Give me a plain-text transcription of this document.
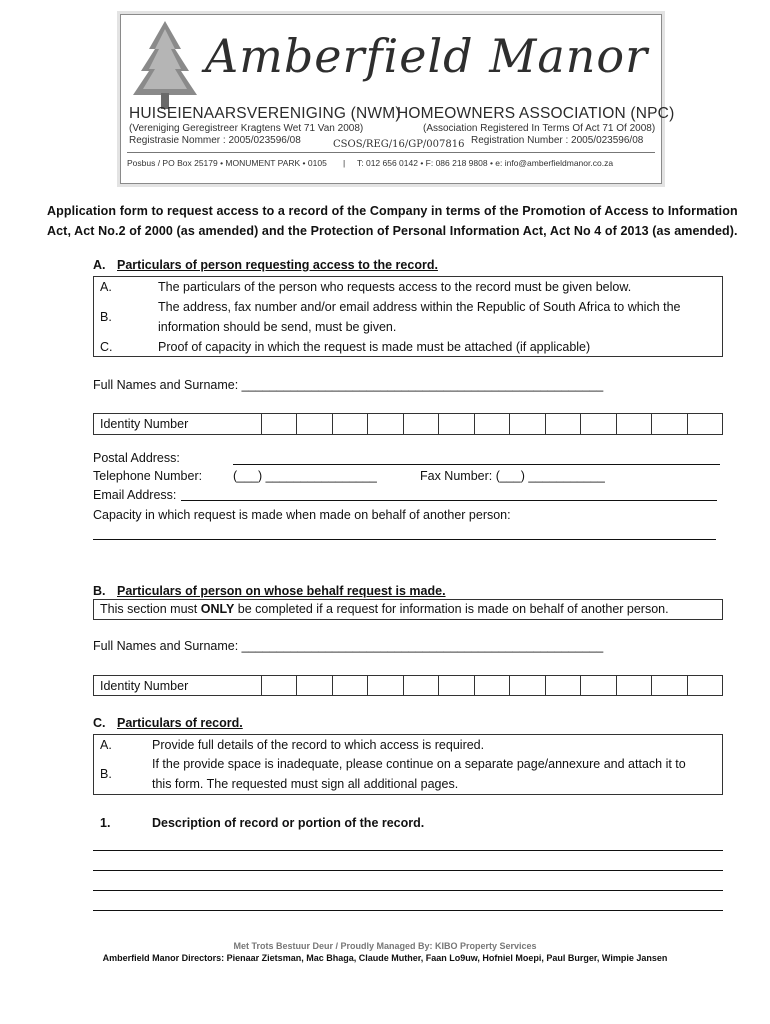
Amberfield Manor
HUISEIENAARSVERENIGING (NWM)
HOMEOWNERS ASSOCIATION (NPC)
(Vereniging Geregistreer Kragtens Wet 71 Van 2008)
Registrasie Nommer : 2005/023596/08
(Association Registered In Terms Of Act 71 Of 2008)
Registration Number : 2005/023596/08
CSOS/REG/16/GP/007816
Posbus / PO Box 25179 • MONUMENT PARK • 0105 | T: 012 656 0142 • F: 086 218 9808 • e: info@amberfieldmanor.co.za
Application form to request access to a record of the Company in terms of the Promotion of Access to Information
Act, Act No.2 of 2000 (as amended) and the Protection of Personal Information Act, Act No 4 of 2013 (as amended).
A. Particulars of person requesting access to the record.
A.	The particulars of the person who requests access to the record must be given below.
B.
The address, fax number and/or email address within the Republic of South Africa to which the
information should be send, must be given.
C.	Proof of capacity in which the request is made must be attached (if applicable)
Full Names and Surname: ____________________________________________________
Identity Number
Postal Address:
Telephone Number: (___) ________________	Fax Number: (___) ___________
Email Address:
Capacity in which request is made when made on behalf of another person:
B. Particulars of person on whose behalf request is made.
This section must ONLY be completed if a request for information is made on behalf of another person.
Full Names and Surname: ____________________________________________________
Identity Number
C. Particulars of record.
A.	Provide full details of the record to which access is required.
B.
If the provide space is inadequate, please continue on a separate page/annexure and attach it to
this form. The requested must sign all additional pages.
1.	Description of record or portion of the record.
Met Trots Bestuur Deur / Proudly Managed By: KIBO Property Services
Amberfield Manor Directors: Pienaar Zietsman, Mac Bhaga, Claude Muther, Faan Lo9uw, Hofniel Moepi, Paul Burger, Wimpie Jansen
